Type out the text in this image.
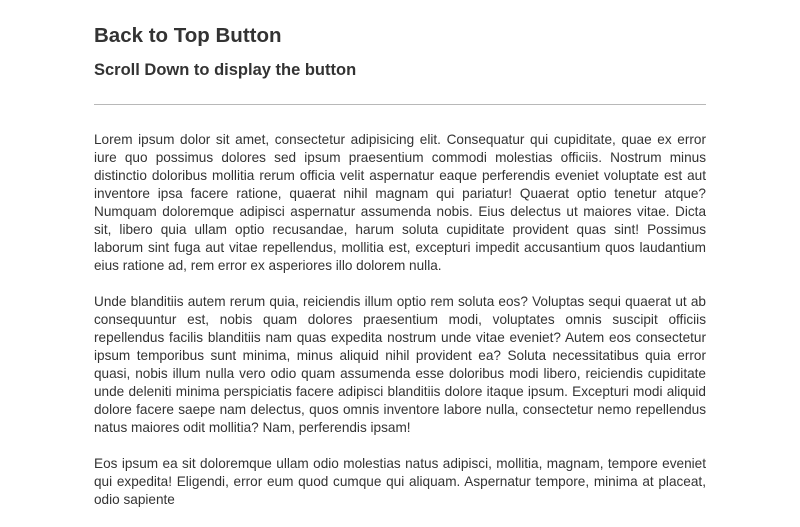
Back to Top Button
Scroll Down to display the button

Lorem ipsum dolor sit amet, consectetur adipisicing elit. Consequatur qui cupiditate, quae ex error iure quo possimus dolores sed ipsum praesentium commodi molestias officiis. Nostrum minus distinctio doloribus mollitia rerum officia velit aspernatur eaque perferendis eveniet voluptate est aut inventore ipsa facere ratione, quaerat nihil magnam qui pariatur! Quaerat optio tenetur atque? Numquam doloremque adipisci aspernatur assumenda nobis. Eius delectus ut maiores vitae. Dicta sit, libero quia ullam optio recusandae, harum soluta cupiditate provident quas sint! Possimus laborum sint fuga aut vitae repellendus, mollitia est, excepturi impedit accusantium quos laudantium eius ratione ad, rem error ex asperiores illo dolorem nulla.

Unde blanditiis autem rerum quia, reiciendis illum optio rem soluta eos? Voluptas sequi quaerat ut ab consequuntur est, nobis quam dolores praesentium modi, voluptates omnis suscipit officiis repellendus facilis blanditiis nam quas expedita nostrum unde vitae eveniet? Autem eos consectetur ipsum temporibus sunt minima, minus aliquid nihil provident ea? Soluta necessitatibus quia error quasi, nobis illum nulla vero odio quam assumenda esse doloribus modi libero, reiciendis cupiditate unde deleniti minima perspiciatis facere adipisci blanditiis dolore itaque ipsum. Excepturi modi aliquid dolore facere saepe nam delectus, quos omnis inventore labore nulla, consectetur nemo repellendus natus maiores odit mollitia? Nam, perferendis ipsam!

Eos ipsum ea sit doloremque ullam odio molestias natus adipisci, mollitia, magnam, tempore eveniet qui expedita! Eligendi, error eum quod cumque qui aliquam. Aspernatur tempore, minima at placeat, odio sapiente
